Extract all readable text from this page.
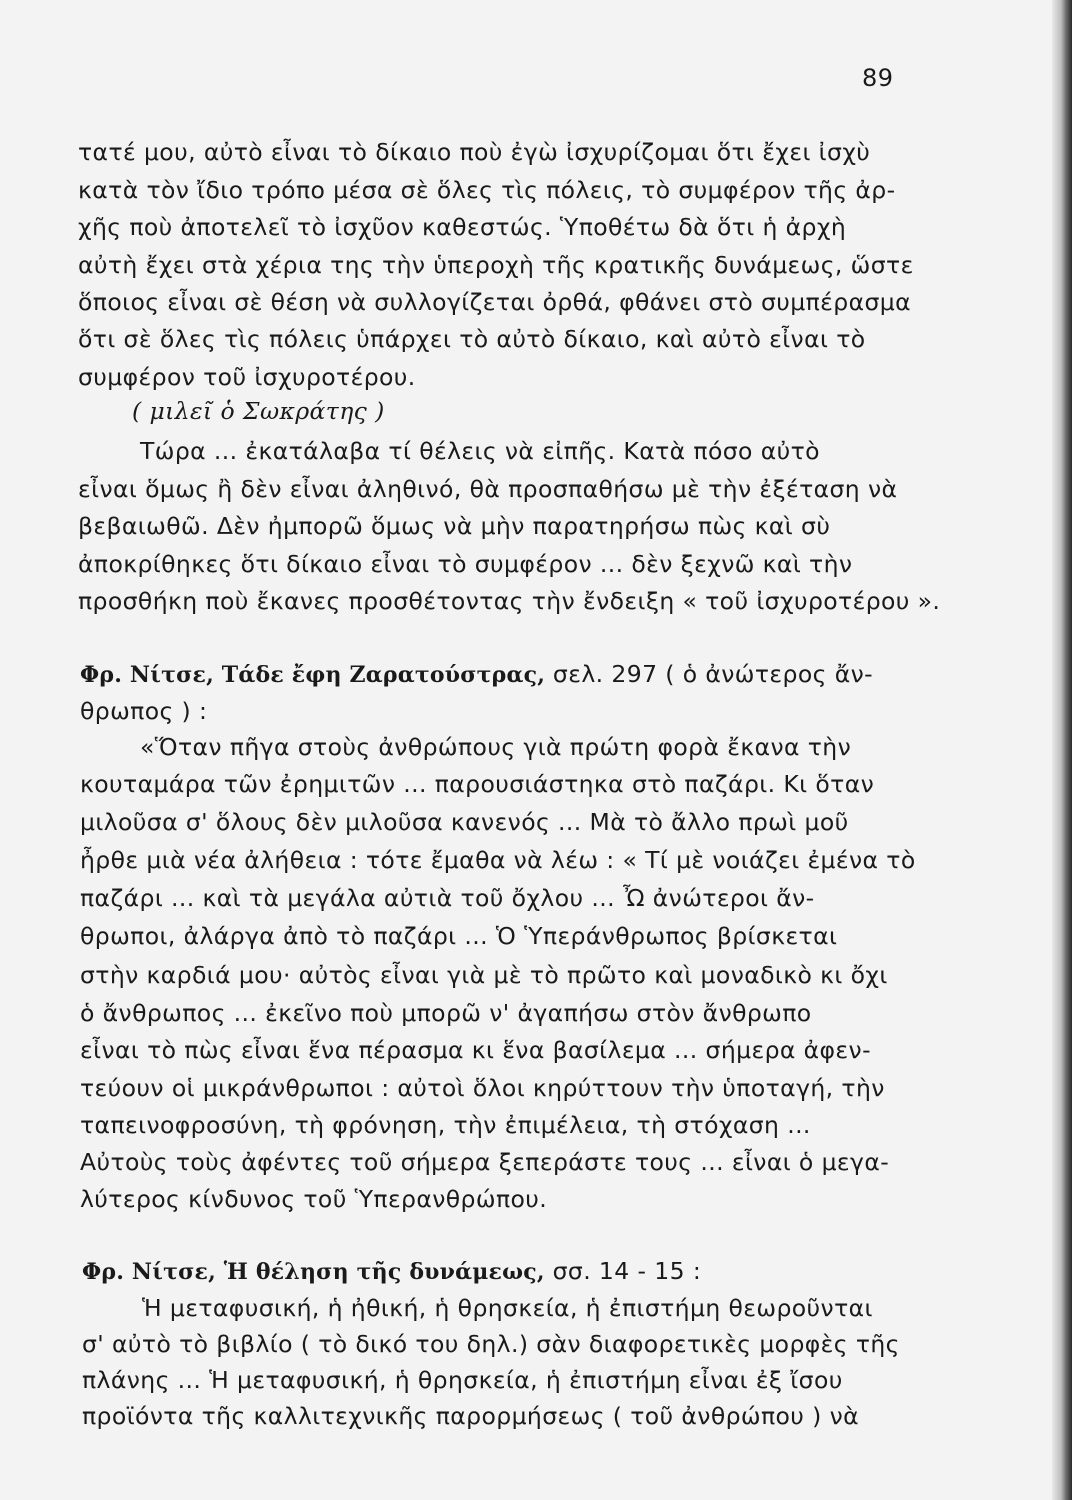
89
τατέ μου, αὐτὸ εἶναι τὸ δίκαιο ποὺ ἐγὼ ἰσχυρίζομαι ὅτι ἔχει ἰσχὺ
κατὰ τὸν ἴδιο τρόπο μέσα σὲ ὅλες τὶς πόλεις, τὸ συμφέρον τῆς ἀρ-
χῆς ποὺ ἀποτελεῖ τὸ ἰσχῦον καθεστώς. Ὑποθέτω δὰ ὅτι ἡ ἀρχὴ
αὐτὴ ἔχει στὰ χέρια της τὴν ὑπεροχὴ τῆς κρατικῆς δυνάμεως, ὥστε
ὅποιος εἶναι σὲ θέση νὰ συλλογίζεται ὀρθά, φθάνει στὸ συμπέρασμα
ὅτι σὲ ὅλες τὶς πόλεις ὑπάρχει τὸ αὐτὸ δίκαιο, καὶ αὐτὸ εἶναι τὸ
συμφέρον τοῦ ἰσχυροτέρου.
( μιλεῖ ὁ Σωκράτης )
Τώρα ... ἐκατάλαβα τί θέλεις νὰ εἰπῆς. Κατὰ πόσο αὐτὸ
εἶναι ὅμως ἢ δὲν εἶναι ἀληθινό, θὰ προσπαθήσω μὲ τὴν ἐξέταση νὰ
βεβαιωθῶ. Δὲν ἠμπορῶ ὅμως νὰ μὴν παρατηρήσω πὼς καὶ σὺ
ἀποκρίθηκες ὅτι δίκαιο εἶναι τὸ συμφέρον ... δὲν ξεχνῶ καὶ τὴν
προσθήκη ποὺ ἔκανες προσθέτοντας τὴν ἔνδειξη « τοῦ ἰσχυροτέρου ».
Φρ. Νίτσε, Τάδε ἔφη Ζαρατούστρας, σελ. 297 ( ὁ ἀνώτερος ἄν-
θρωπος ) :
«Ὅταν πῆγα στοὺς ἀνθρώπους γιὰ πρώτη φορὰ ἔκανα τὴν
κουταμάρα τῶν ἐρημιτῶν ... παρουσιάστηκα στὸ παζάρι. Κι ὅταν
μιλοῦσα σ' ὅλους δὲν μιλοῦσα κανενός ... Μὰ τὸ ἄλλο πρωὶ μοῦ
ἦρθε μιὰ νέα ἀλήθεια : τότε ἔμαθα νὰ λέω : « Τί μὲ νοιάζει ἐμένα τὸ
παζάρι ... καὶ τὰ μεγάλα αὐτιὰ τοῦ ὄχλου ... Ὦ ἀνώτεροι ἄν-
θρωποι, ἀλάργα ἀπὸ τὸ παζάρι ... Ὁ Ὑπεράνθρωπος βρίσκεται
στὴν καρδιά μου· αὐτὸς εἶναι γιὰ μὲ τὸ πρῶτο καὶ μοναδικὸ κι ὄχι
ὁ ἄνθρωπος ... ἐκεῖνο ποὺ μπορῶ ν' ἀγαπήσω στὸν ἄνθρωπο
εἶναι τὸ πὼς εἶναι ἕνα πέρασμα κι ἕνα βασίλεμα ... σήμερα ἀφεν-
τεύουν οἱ μικράνθρωποι : αὐτοὶ ὅλοι κηρύττουν τὴν ὑποταγή, τὴν
ταπεινοφροσύνη, τὴ φρόνηση, τὴν ἐπιμέλεια, τὴ στόχαση ...
Αὐτοὺς τοὺς ἀφέντες τοῦ σήμερα ξεπεράστε τους ... εἶναι ὁ μεγα-
λύτερος κίνδυνος τοῦ Ὑπερανθρώπου.
Φρ. Νίτσε, Ἡ θέληση τῆς δυνάμεως, σσ. 14 - 15 :
Ἡ μεταφυσική, ἡ ἠθική, ἡ θρησκεία, ἡ ἐπιστήμη θεωροῦνται
σ' αὐτὸ τὸ βιβλίο ( τὸ δικό του δηλ.) σὰν διαφορετικὲς μορφὲς τῆς
πλάνης ... Ἡ μεταφυσική, ἡ θρησκεία, ἡ ἐπιστήμη εἶναι ἐξ ἴσου
προϊόντα τῆς καλλιτεχνικῆς παρορμήσεως ( τοῦ ἀνθρώπου ) νὰ
